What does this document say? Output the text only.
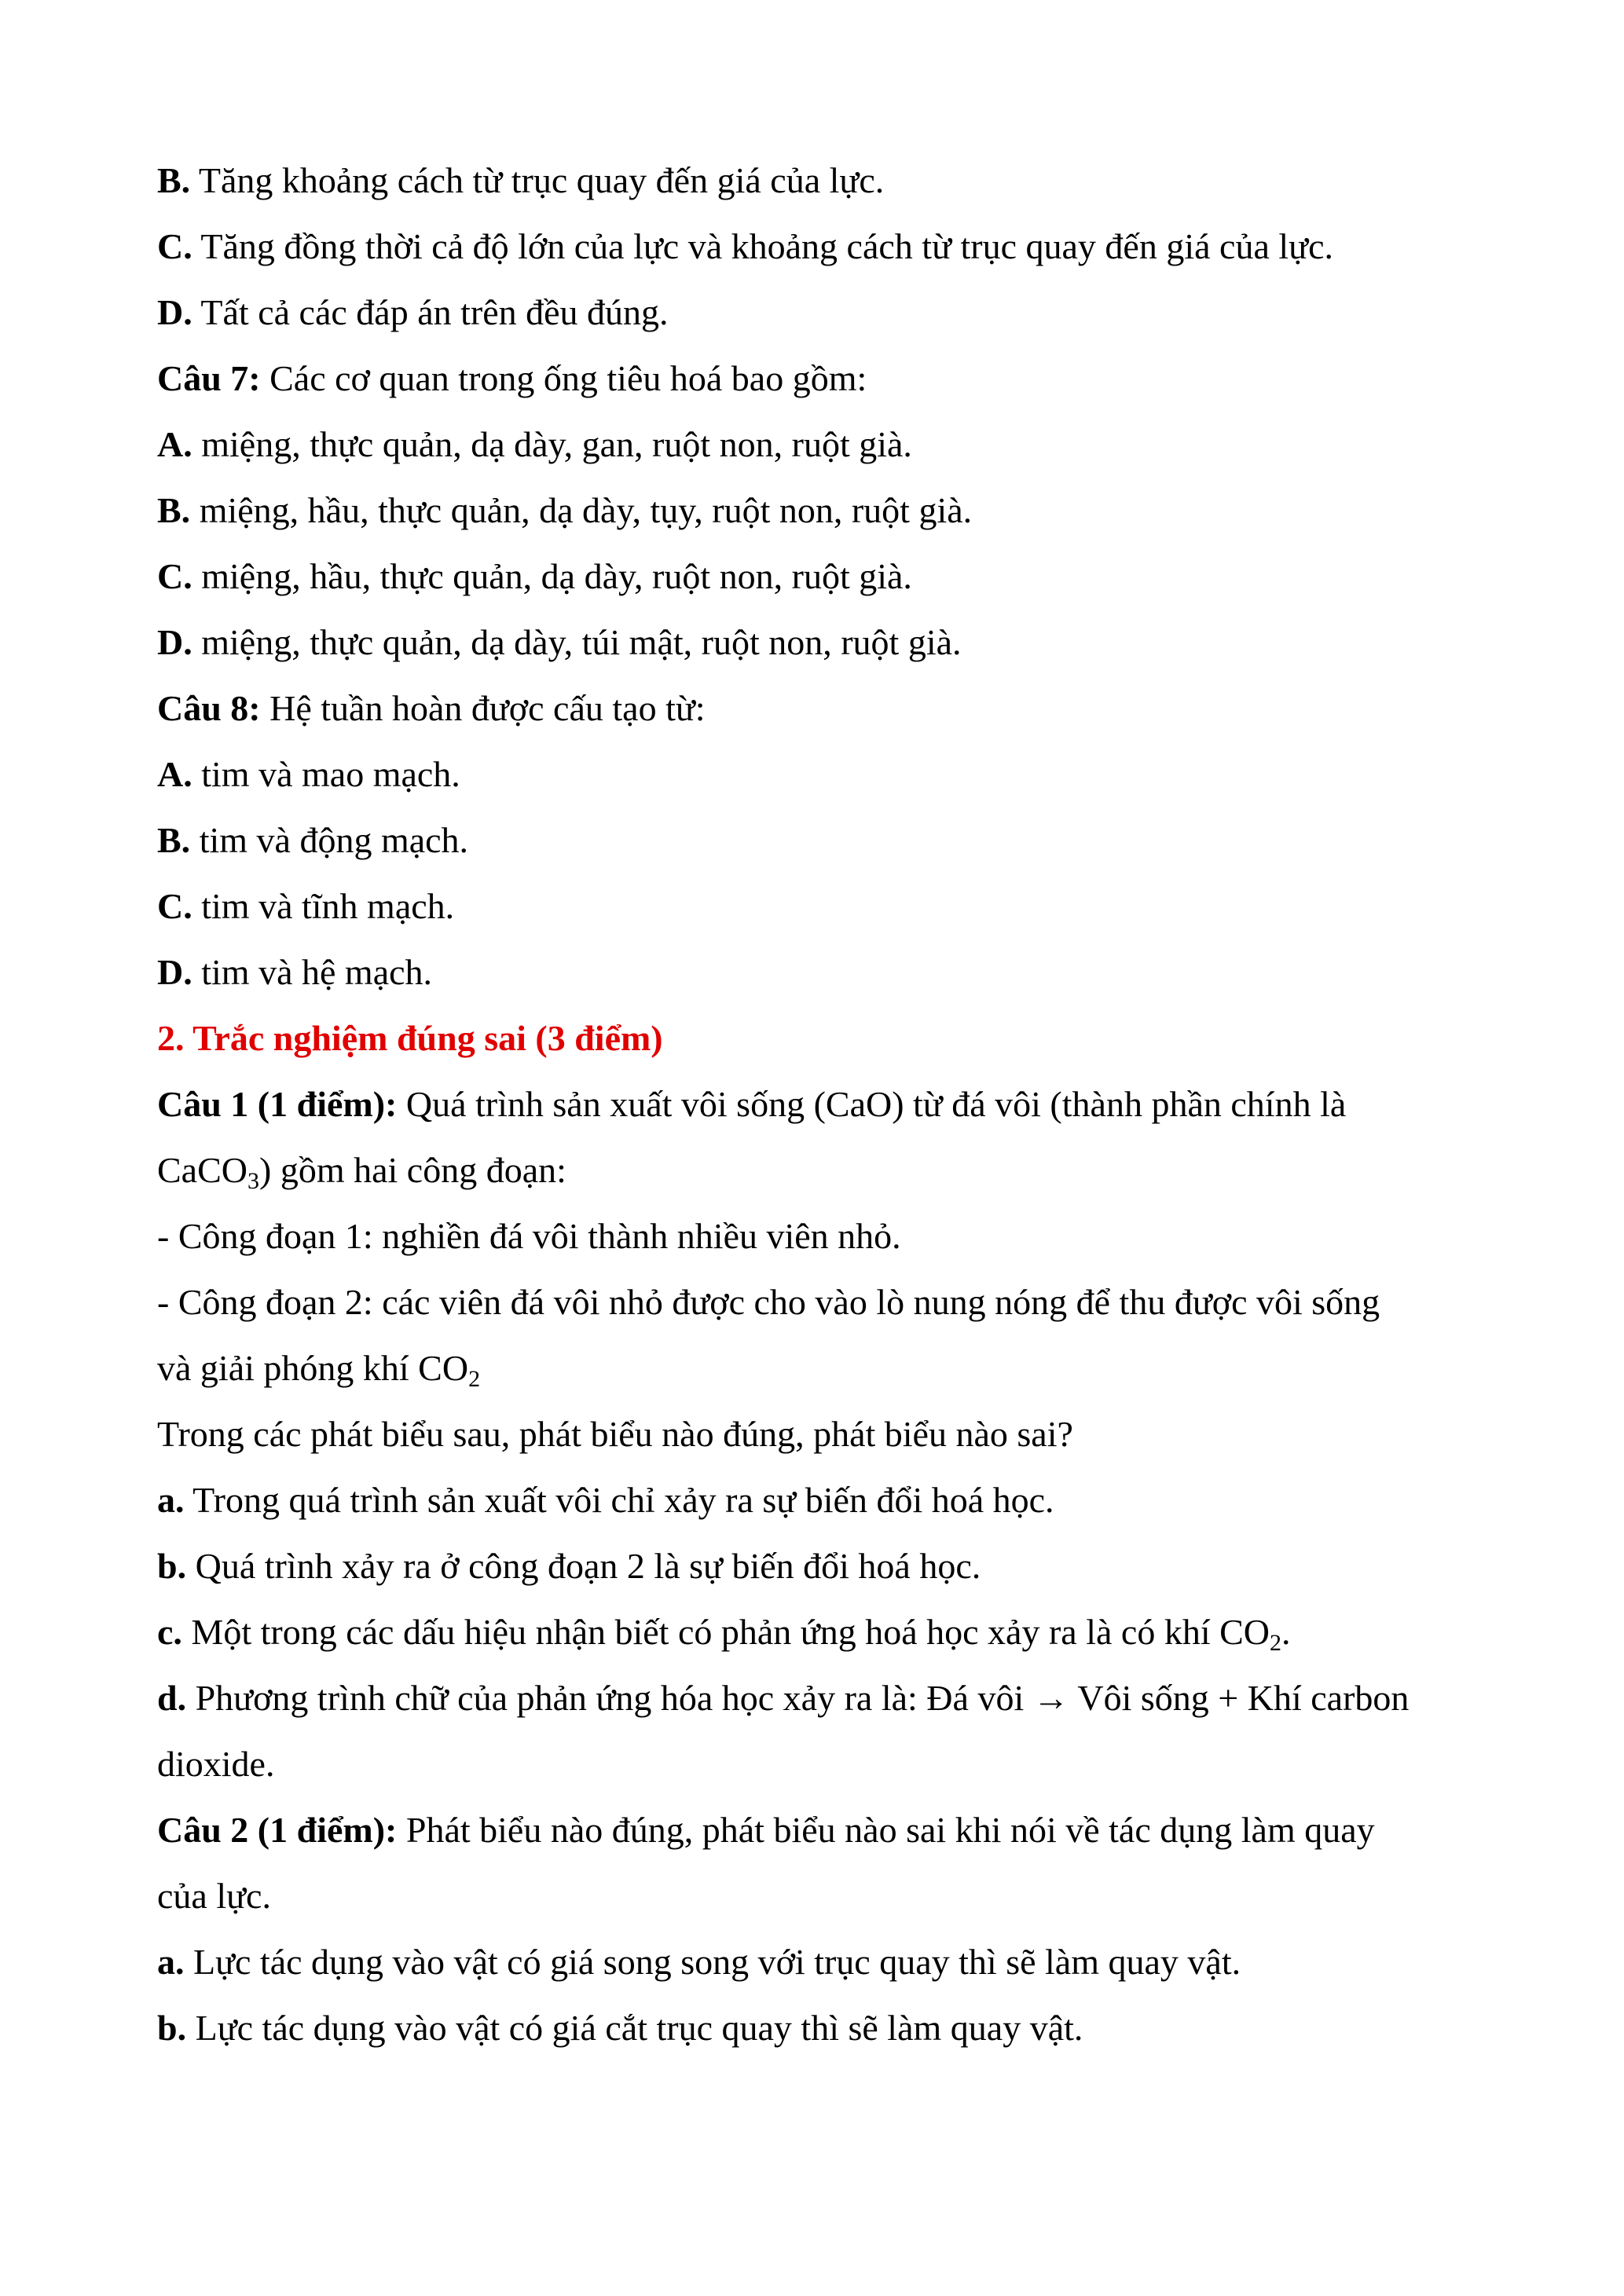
B. Tăng khoảng cách từ trục quay đến giá của lực.
C. Tăng đồng thời cả độ lớn của lực và khoảng cách từ trục quay đến giá của lực.
D. Tất cả các đáp án trên đều đúng.
Câu 7: Các cơ quan trong ống tiêu hoá bao gồm:
A. miệng, thực quản, dạ dày, gan, ruột non, ruột già.
B. miệng, hầu, thực quản, dạ dày, tụy, ruột non, ruột già.
C. miệng, hầu, thực quản, dạ dày, ruột non, ruột già.
D. miệng, thực quản, dạ dày, túi mật, ruột non, ruột già.
Câu 8: Hệ tuần hoàn được cấu tạo từ:
A. tim và mao mạch.
B. tim và động mạch.
C. tim và tĩnh mạch.
D. tim và hệ mạch.
2. Trắc nghiệm đúng sai (3 điểm)
Câu 1 (1 điểm): Quá trình sản xuất vôi sống (CaO) từ đá vôi (thành phần chính là
CaCO$_3$) gồm hai công đoạn:
- Công đoạn 1: nghiền đá vôi thành nhiều viên nhỏ.
- Công đoạn 2: các viên đá vôi nhỏ được cho vào lò nung nóng để thu được vôi sống
và giải phóng khí $CO_2$
Trong các phát biểu sau, phát biểu nào đúng, phát biểu nào sai?
a. Trong quá trình sản xuất vôi chỉ xảy ra sự biến đổi hoá học.
b. Quá trình xảy ra ở công đoạn 2 là sự biến đổi hoá học.
c. Một trong các dấu hiệu nhận biết có phản ứng hoá học xảy ra là có khí $CO_2$.
d. Phương trình chữ của phản ứng hóa học xảy ra là: Đá vôi → Vôi sống + Khí carbon
dioxide.
Câu 2 (1 điểm): Phát biểu nào đúng, phát biểu nào sai khi nói về tác dụng làm quay
của lực.
a. Lực tác dụng vào vật có giá song song với trục quay thì sẽ làm quay vật.
b. Lực tác dụng vào vật có giá cắt trục quay thì sẽ làm quay vật.
